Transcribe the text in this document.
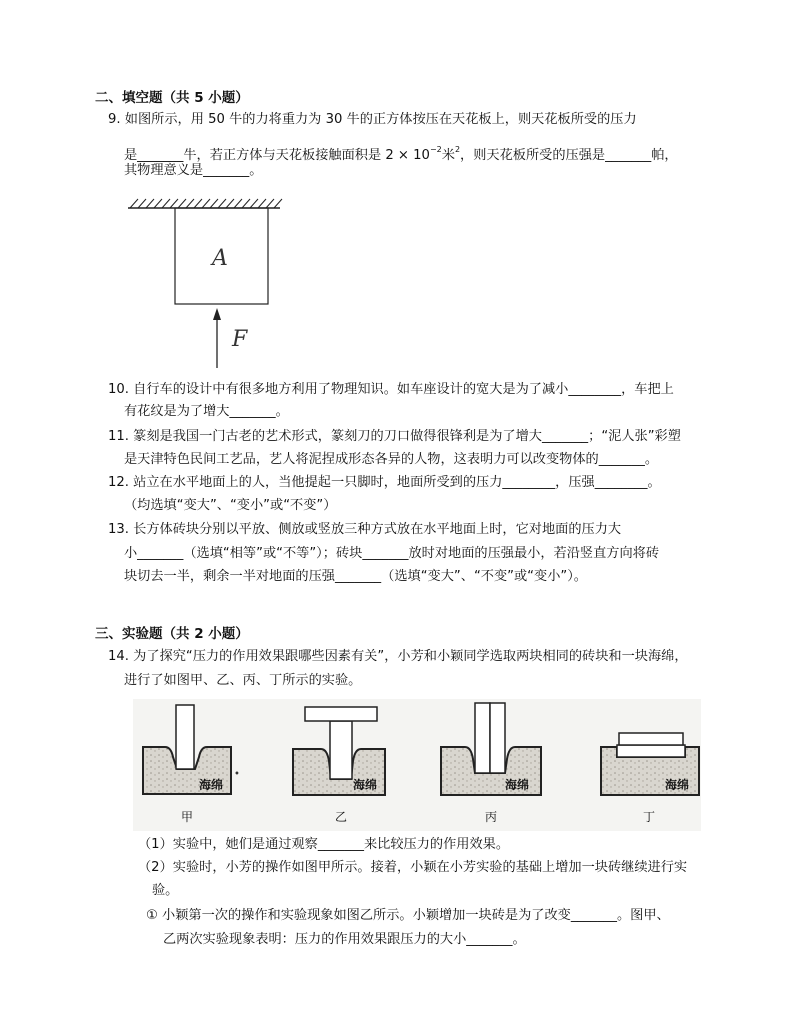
二、填空题（共 5 小题）
9. 如图所示，用 50 牛的力将重力为 30 牛的正方体按压在天花板上，则天花板所受的压力
是_______牛，若正方体与天花板接触面积是 $2 \times 10^{-2}$米$^2$，则天花板所受的压强是_______帕，
其物理意义是_______。
A
F
10. 自行车的设计中有很多地方利用了物理知识。如车座设计的宽大是为了减小________，车把上
有花纹是为了增大_______。
11. 篆刻是我国一门古老的艺术形式，篆刻刀的刀口做得很锋利是为了增大_______；“泥人张”彩塑
是天津特色民间工艺品，艺人将泥捏成形态各异的人物，这表明力可以改变物体的_______。
12. 站立在水平地面上的人，当他提起一只脚时，地面所受到的压力________，压强________。
（均选填“变大”、“变小”或“不变”）
13. 长方体砖块分别以平放、侧放或竖放三种方式放在水平地面上时，它对地面的压力大
小_______（选填“相等”或“不等”）；砖块_______放时对地面的压强最小，若沿竖直方向将砖
块切去一半，剩余一半对地面的压强_______（选填“变大”、“不变”或“变小”）。
三、实验题（共 2 小题）
14. 为了探究“压力的作用效果跟哪些因素有关”，小芳和小颖同学选取两块相同的砖块和一块海绵，
进行了如图甲、乙、丙、丁所示的实验。
海绵
甲
•
海绵
乙
海绵
丙
海绵
丁
（1）实验中，她们是通过观察_______来比较压力的作用效果。
（2）实验时，小芳的操作如图甲所示。接着，小颖在小芳实验的基础上增加一块砖继续进行实
验。
① 小颖第一次的操作和实验现象如图乙所示。小颖增加一块砖是为了改变_______。图甲、
乙两次实验现象表明：压力的作用效果跟压力的大小_______。
